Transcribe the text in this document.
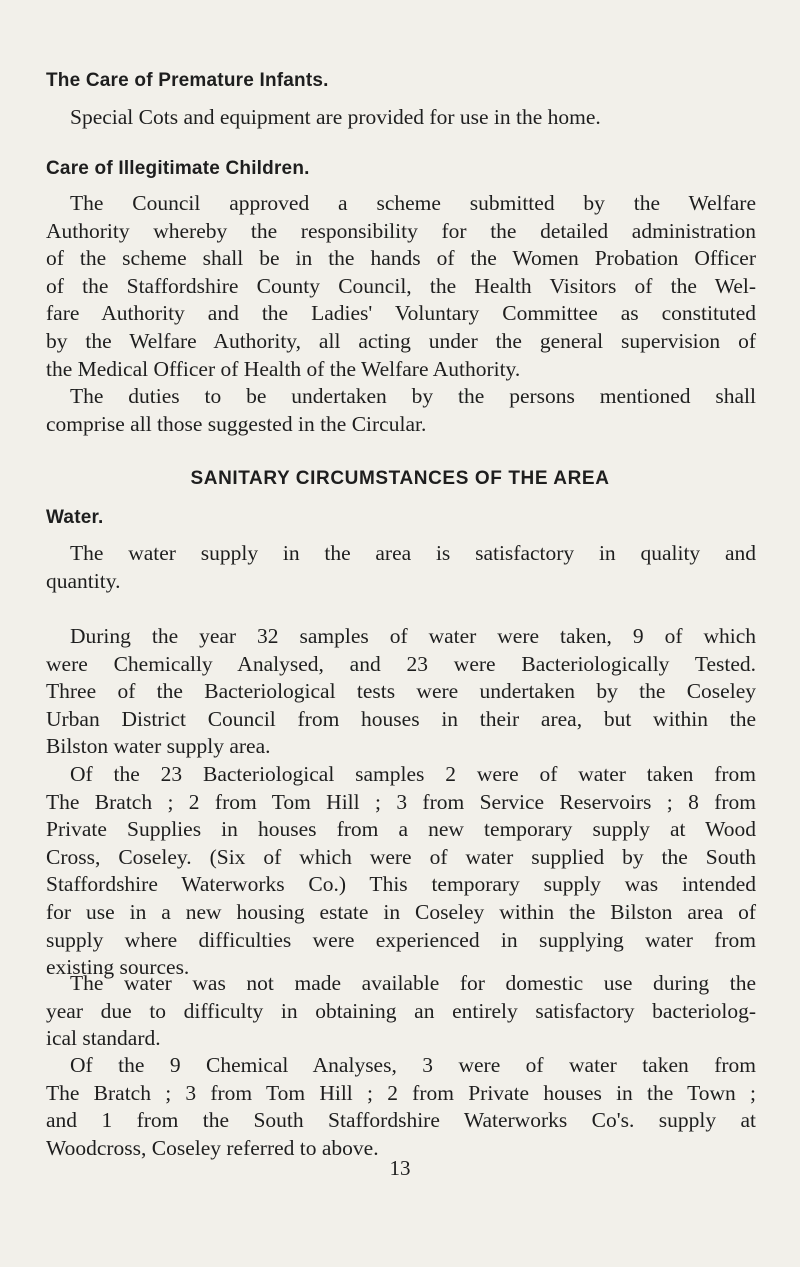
The Care of Premature Infants.
Special Cots and equipment are provided for use in the home.
Care of Illegitimate Children.
The Council approved a scheme submitted by the Welfare
Authority whereby the responsibility for the detailed administration
of the scheme shall be in the hands of the Women Probation Officer
of the Staffordshire County Council, the Health Visitors of the Wel-
fare Authority and the Ladies' Voluntary Committee as constituted
by the Welfare Authority, all acting under the general supervision of
the Medical Officer of Health of the Welfare Authority.
The duties to be undertaken by the persons mentioned shall
comprise all those suggested in the Circular.
SANITARY CIRCUMSTANCES OF THE AREA
Water.
The water supply in the area is satisfactory in quality and
quantity.
During the year 32 samples of water were taken, 9 of which
were Chemically Analysed, and 23 were Bacteriologically Tested.
Three of the Bacteriological tests were undertaken by the Coseley
Urban District Council from houses in their area, but within the
Bilston water supply area.
Of the 23 Bacteriological samples 2 were of water taken from
The Bratch ; 2 from Tom Hill ; 3 from Service Reservoirs ; 8 from
Private Supplies in houses from a new temporary supply at Wood
Cross, Coseley. (Six of which were of water supplied by the South
Staffordshire Waterworks Co.) This temporary supply was intended
for use in a new housing estate in Coseley within the Bilston area of
supply where difficulties were experienced in supplying water from
existing sources.
The water was not made available for domestic use during the
year due to difficulty in obtaining an entirely satisfactory bacteriolog-
ical standard.
Of the 9 Chemical Analyses, 3 were of water taken from
The Bratch ; 3 from Tom Hill ; 2 from Private houses in the Town ;
and 1 from the South Staffordshire Waterworks Co's. supply at
Woodcross, Coseley referred to above.
13
